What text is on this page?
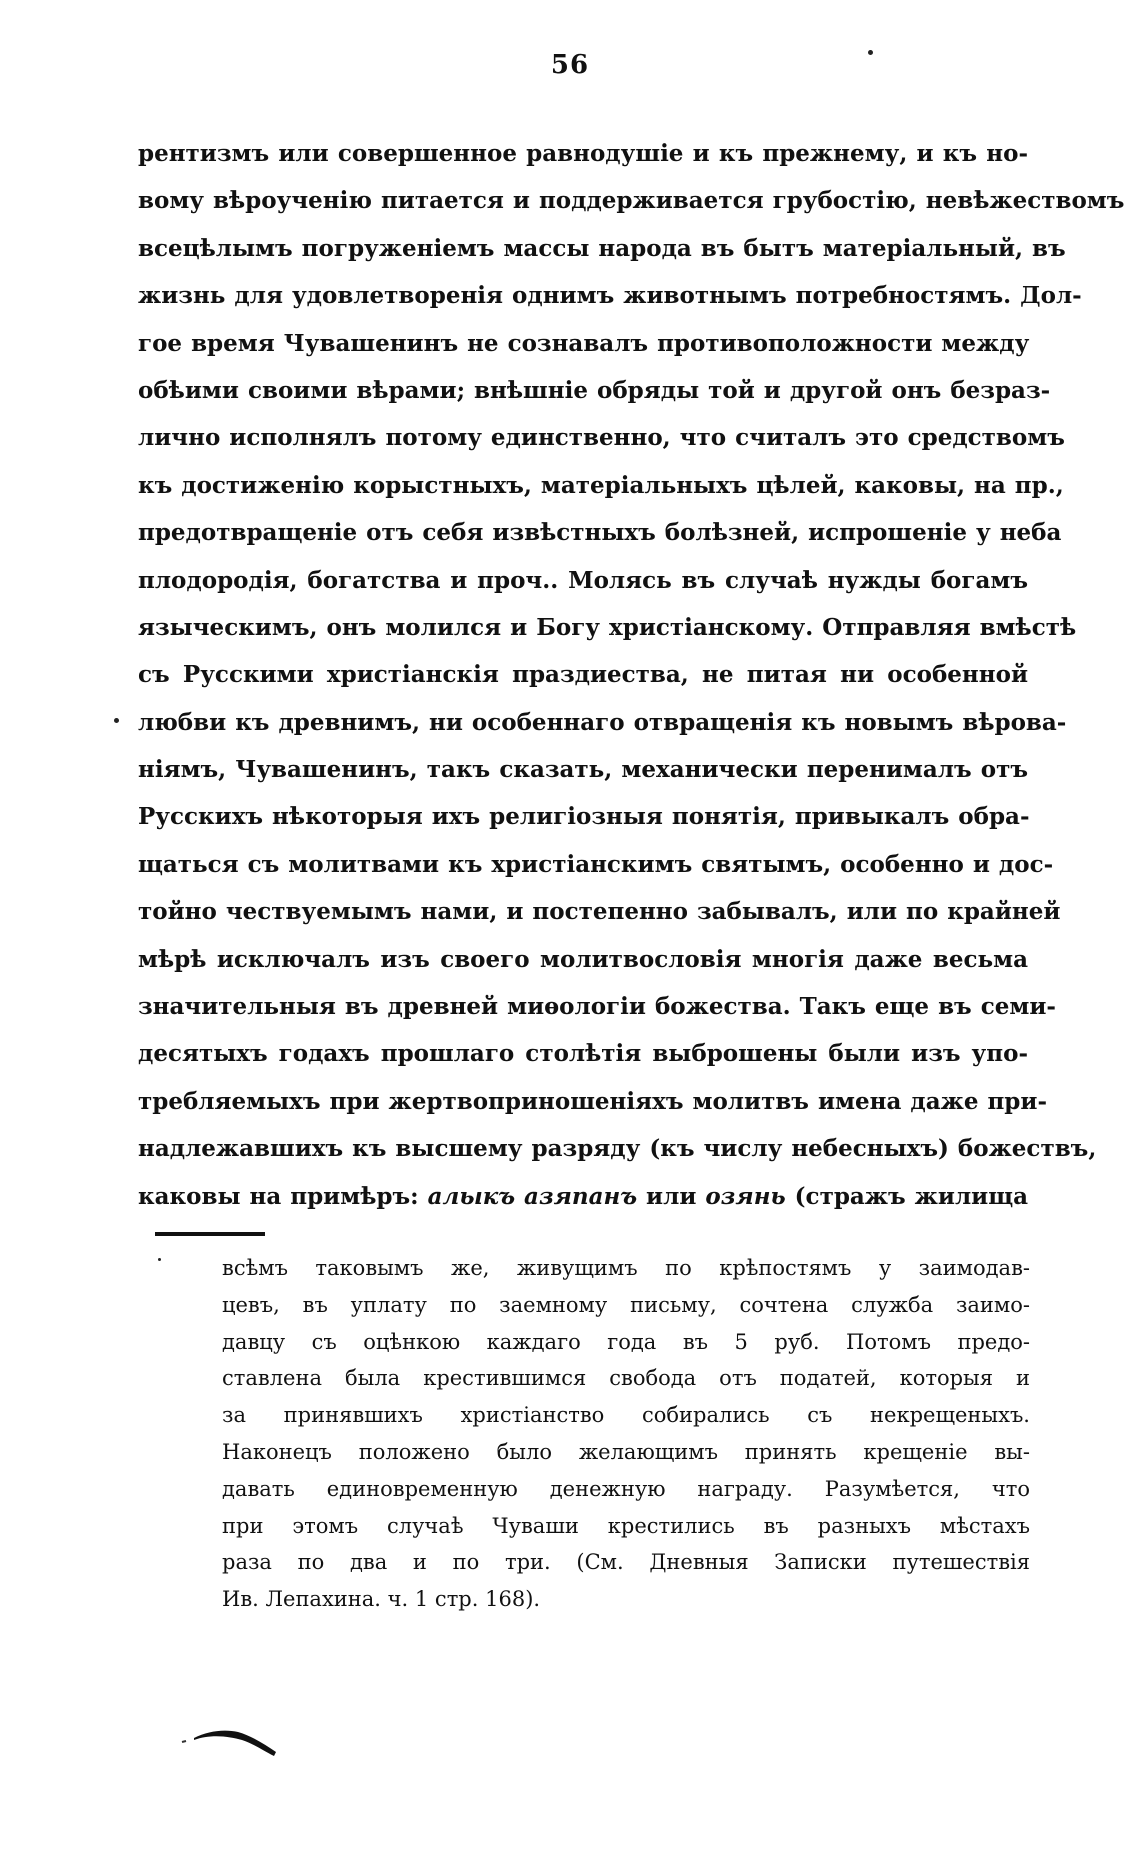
56
рентизмъ или совершенное равнодушіе и къ прежнему, и къ но-
вому вѣроученію питается и поддерживается грубостію, невѣжествомъ
всецѣлымъ погруженіемъ массы народа въ бытъ матеріальный, въ
жизнь для удовлетворенія однимъ животнымъ потребностямъ. Дол-
гое время Чувашенинъ не сознавалъ противоположности между
обѣими своими вѣрами; внѣшніе обряды той и другой онъ безраз-
лично исполнялъ потому единственно, что считалъ это средствомъ
къ достиженію корыстныхъ, матеріальныхъ цѣлей, каковы, на пр.,
предотвращеніе отъ себя извѣстныхъ болѣзней, испрошеніе у неба
плодородія, богатства и проч.. Молясь въ случаѣ нужды богамъ
языческимъ, онъ молился и Богу христіанскому. Отправляя вмѣстѣ
съ Русскими христіанскія праздиества, не питая ни особенной
любви къ древнимъ, ни особеннаго отвращенія къ новымъ вѣрова-
ніямъ, Чувашенинъ, такъ сказать, механически перенималъ отъ
Русскихъ нѣкоторыя ихъ религіозныя понятія, привыкалъ обра-
щаться съ молитвами къ христіанскимъ святымъ, особенно и дос-
тойно чествуемымъ нами, и постепенно забывалъ, или по крайней
мѣрѣ исключалъ изъ своего молитвословія многія даже весьма
значительныя въ древней миѳологіи божества. Такъ еще въ семи-
десятыхъ годахъ прошлаго столѣтія выброшены были изъ упо-
требляемыхъ при жертвоприношеніяхъ молитвъ имена даже при-
надлежавшихъ къ высшему разряду (къ числу небесныхъ) божествъ,
каковы на примѣръ: алыкъ азяпанъ или озянь (стражъ жилища
всѣмъ таковымъ же, живущимъ по крѣпостямъ у заимодав-
цевъ, въ уплату по заемному письму, сочтена служба заимо-
давцу съ оцѣнкою каждаго года въ 5 руб. Потомъ предо-
ставлена была крестившимся свобода отъ податей, которыя и
за принявшихъ христіанство собирались съ некрещеныхъ.
Наконецъ положено было желающимъ принять крещеніе вы-
давать единовременную денежную награду. Разумѣется, что
при этомъ случаѣ Чуваши крестились въ разныхъ мѣстахъ
раза по два и по три. (См. Дневныя Записки путешествія
Ив. Лепахина. ч. 1 стр. 168).
